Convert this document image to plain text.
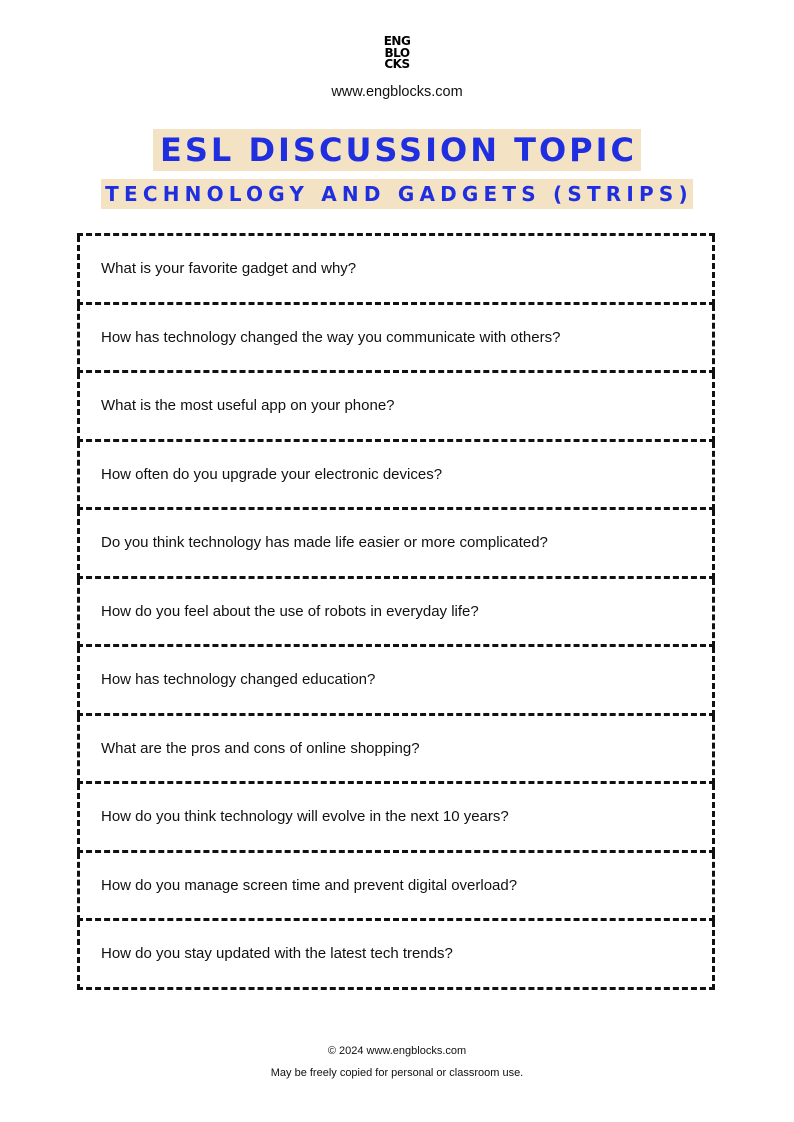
ENG
BLO
CKS
www.engblocks.com
ESL DISCUSSION TOPIC
TECHNOLOGY AND GADGETS (STRIPS)
What is your favorite gadget and why?
How has technology changed the way you communicate with others?
What is the most useful app on your phone?
How often do you upgrade your electronic devices?
Do you think technology has made life easier or more complicated?
How do you feel about the use of robots in everyday life?
How has technology changed education?
What are the pros and cons of online shopping?
How do you think technology will evolve in the next 10 years?
How do you manage screen time and prevent digital overload?
How do you stay updated with the latest tech trends?
© 2024 www.engblocks.com
May be freely copied for personal or classroom use.
